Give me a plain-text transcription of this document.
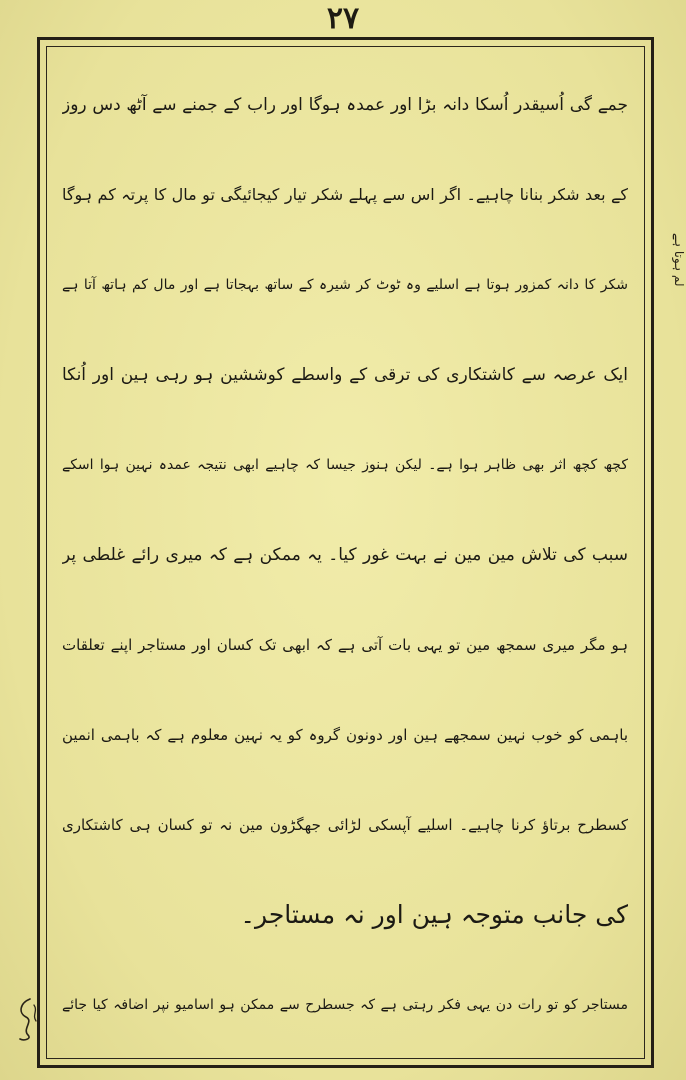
۲۷
لم ہوتا ہے
جمے گی اُسیقدر اُسکا دانہ بڑا اور عمدہ ہوگا اور راب کے جمنے سے آٹھ دس روز
کے بعد شکر بنانا چاہیے۔ اگر اس سے پہلے شکر تیار کیجائیگی تو مال کا پرتہ کم ہوگا
شکر کا دانہ کمزور ہوتا ہے اسلیے وہ ٹوٹ کر شیرہ کے ساتھ بہجاتا ہے اور مال کم ہاتھ آتا ہے
ایک عرصہ سے کاشتکاری کی ترقی کے واسطے کوششین ہو رہی ہین اور اُنکا
کچھ کچھ اثر بھی ظاہر ہوا ہے۔ لیکن ہنوز جیسا کہ چاہیے ابھی نتیجہ عمدہ نہین ہوا اسکے
سبب کی تلاش مین مین نے بہت غور کیا۔ یہ ممکن ہے کہ میری رائے غلطی پر
ہو مگر میری سمجھ مین تو یہی بات آتی ہے کہ ابھی تک کسان اور مستاجر اپنے تعلقات
باہمی کو خوب نہین سمجھے ہین اور دونون گروہ کو یہ نہین معلوم ہے کہ باہمی انمین
کسطرح برتاؤ کرنا چاہیے۔ اسلیے آپسکی لڑائی جھگڑون مین نہ تو کسان ہی کاشتکاری
کی جانب متوجہ ہین اور نہ مستاجر۔
مستاجر کو تو رات دن یہی فکر رہتی ہے کہ جسطرح سے ممکن ہو اسامیو نپر اضافہ کیا جائے
